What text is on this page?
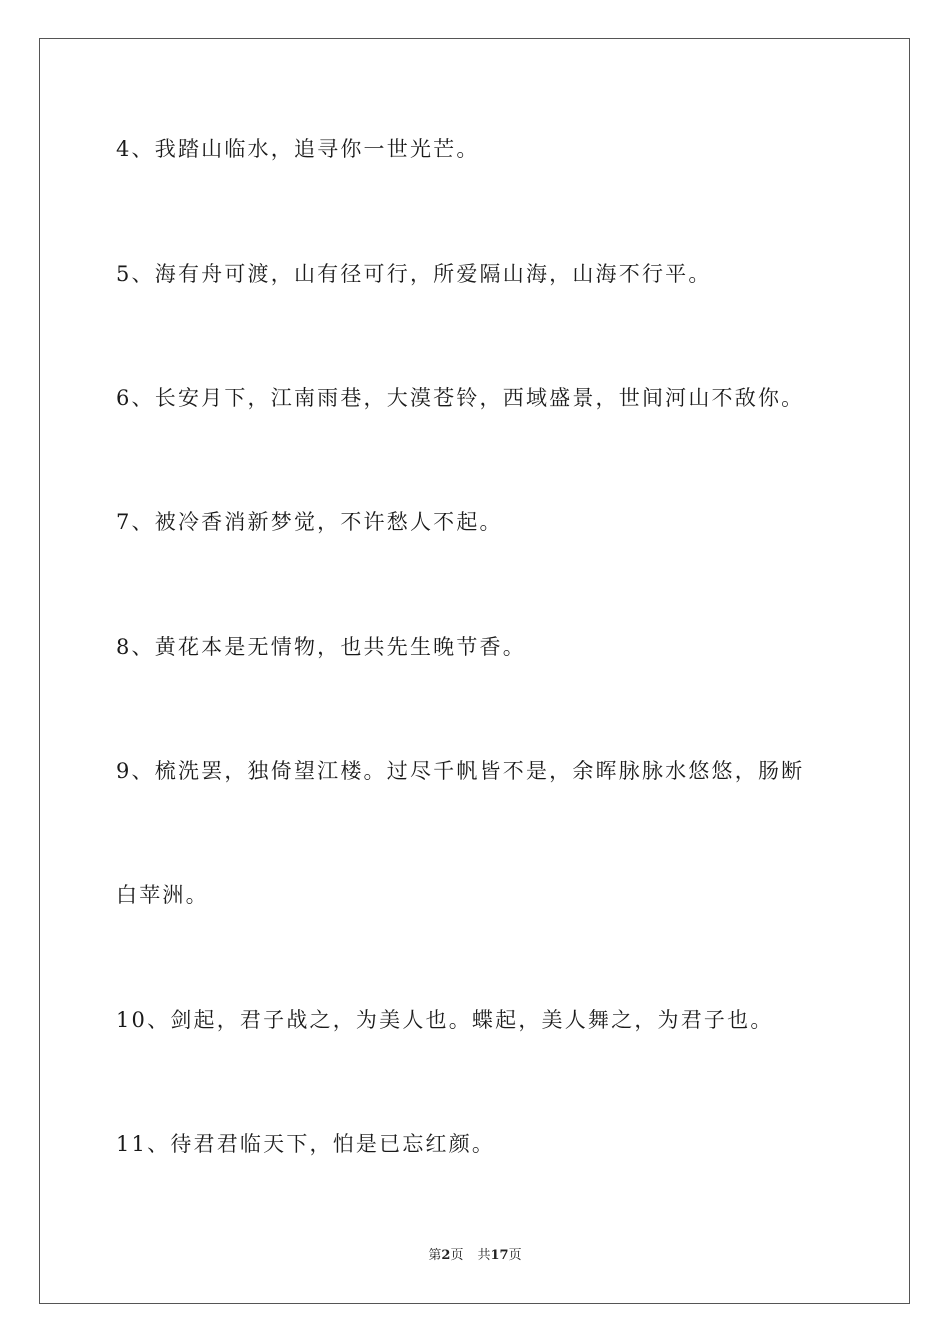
4、我踏山临水，追寻你一世光芒。
5、海有舟可渡，山有径可行，所爱隔山海，山海不行平。
6、长安月下，江南雨巷，大漠苍铃，西域盛景，世间河山不敌你。
7、被冷香消新梦觉，不许愁人不起。
8、黄花本是无情物，也共先生晚节香。
9、梳洗罢，独倚望江楼。过尽千帆皆不是，余晖脉脉水悠悠，肠断
白苹洲。
10、剑起，君子战之，为美人也。蝶起，美人舞之，为君子也。
11、待君君临天下，怕是已忘红颜。
第2页 共17页
